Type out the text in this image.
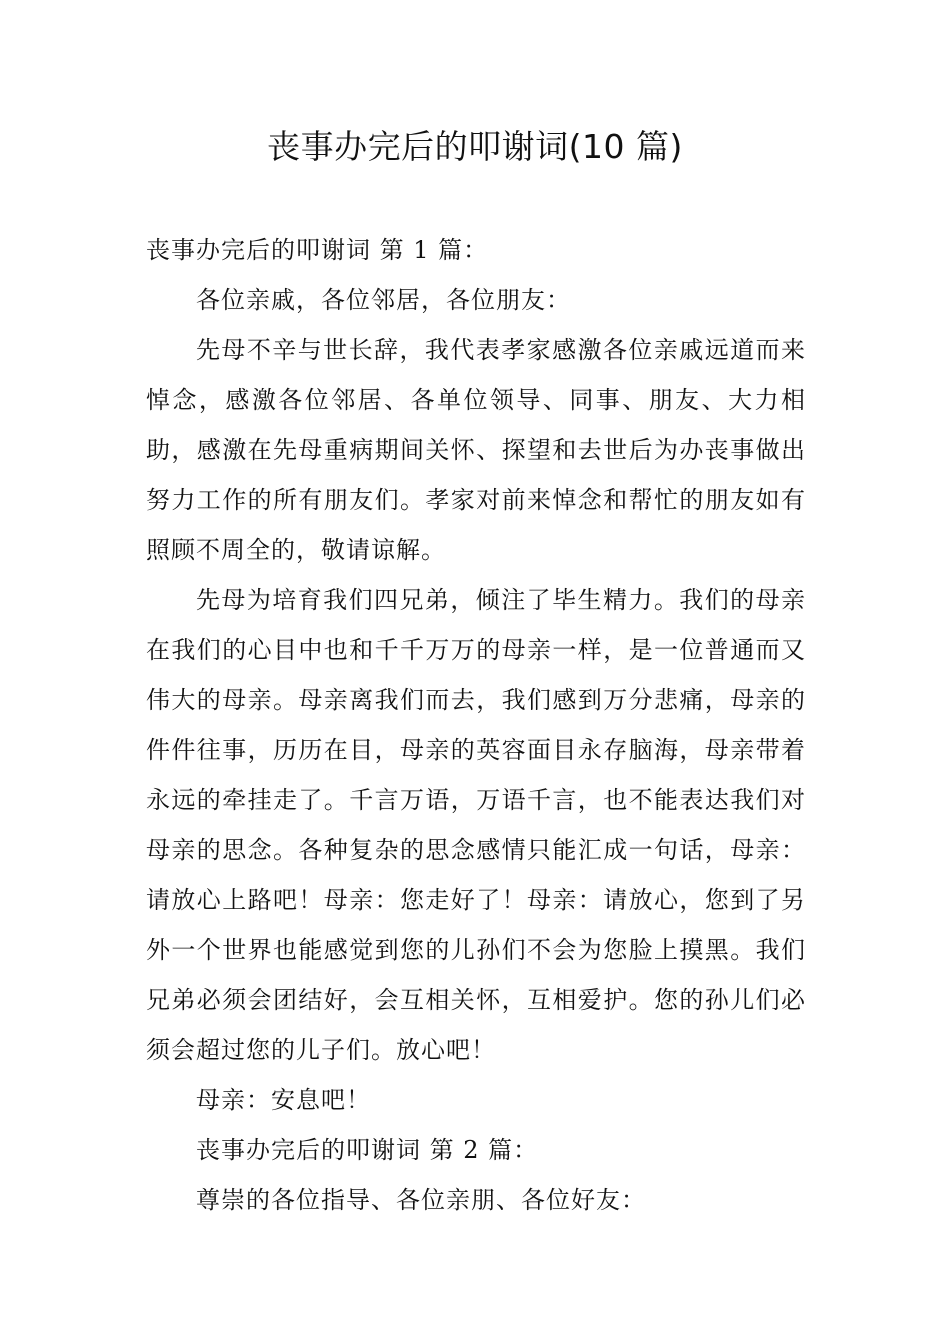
丧事办完后的叩谢词(10 篇)

丧事办完后的叩谢词 第 1 篇：

各位亲戚，各位邻居，各位朋友：

先母不辛与世长辞，我代表孝家感激各位亲戚远道而来悼念，感激各位邻居、各单位领导、同事、朋友、大力相助，感激在先母重病期间关怀、探望和去世后为办丧事做出努力工作的所有朋友们。孝家对前来悼念和帮忙的朋友如有照顾不周全的，敬请谅解。

先母为培育我们四兄弟，倾注了毕生精力。我们的母亲在我们的心目中也和千千万万的母亲一样，是一位普通而又伟大的母亲。母亲离我们而去，我们感到万分悲痛，母亲的件件往事，历历在目，母亲的英容面目永存脑海，母亲带着永远的牵挂走了。千言万语，万语千言，也不能表达我们对母亲的思念。各种复杂的思念感情只能汇成一句话，母亲：请放心上路吧！母亲：您走好了！母亲：请放心，您到了另外一个世界也能感觉到您的儿孙们不会为您脸上摸黑。我们兄弟必须会团结好，会互相关怀，互相爱护。您的孙儿们必须会超过您的儿子们。放心吧！

母亲：安息吧！

丧事办完后的叩谢词 第 2 篇：

尊崇的各位指导、各位亲朋、各位好友：
